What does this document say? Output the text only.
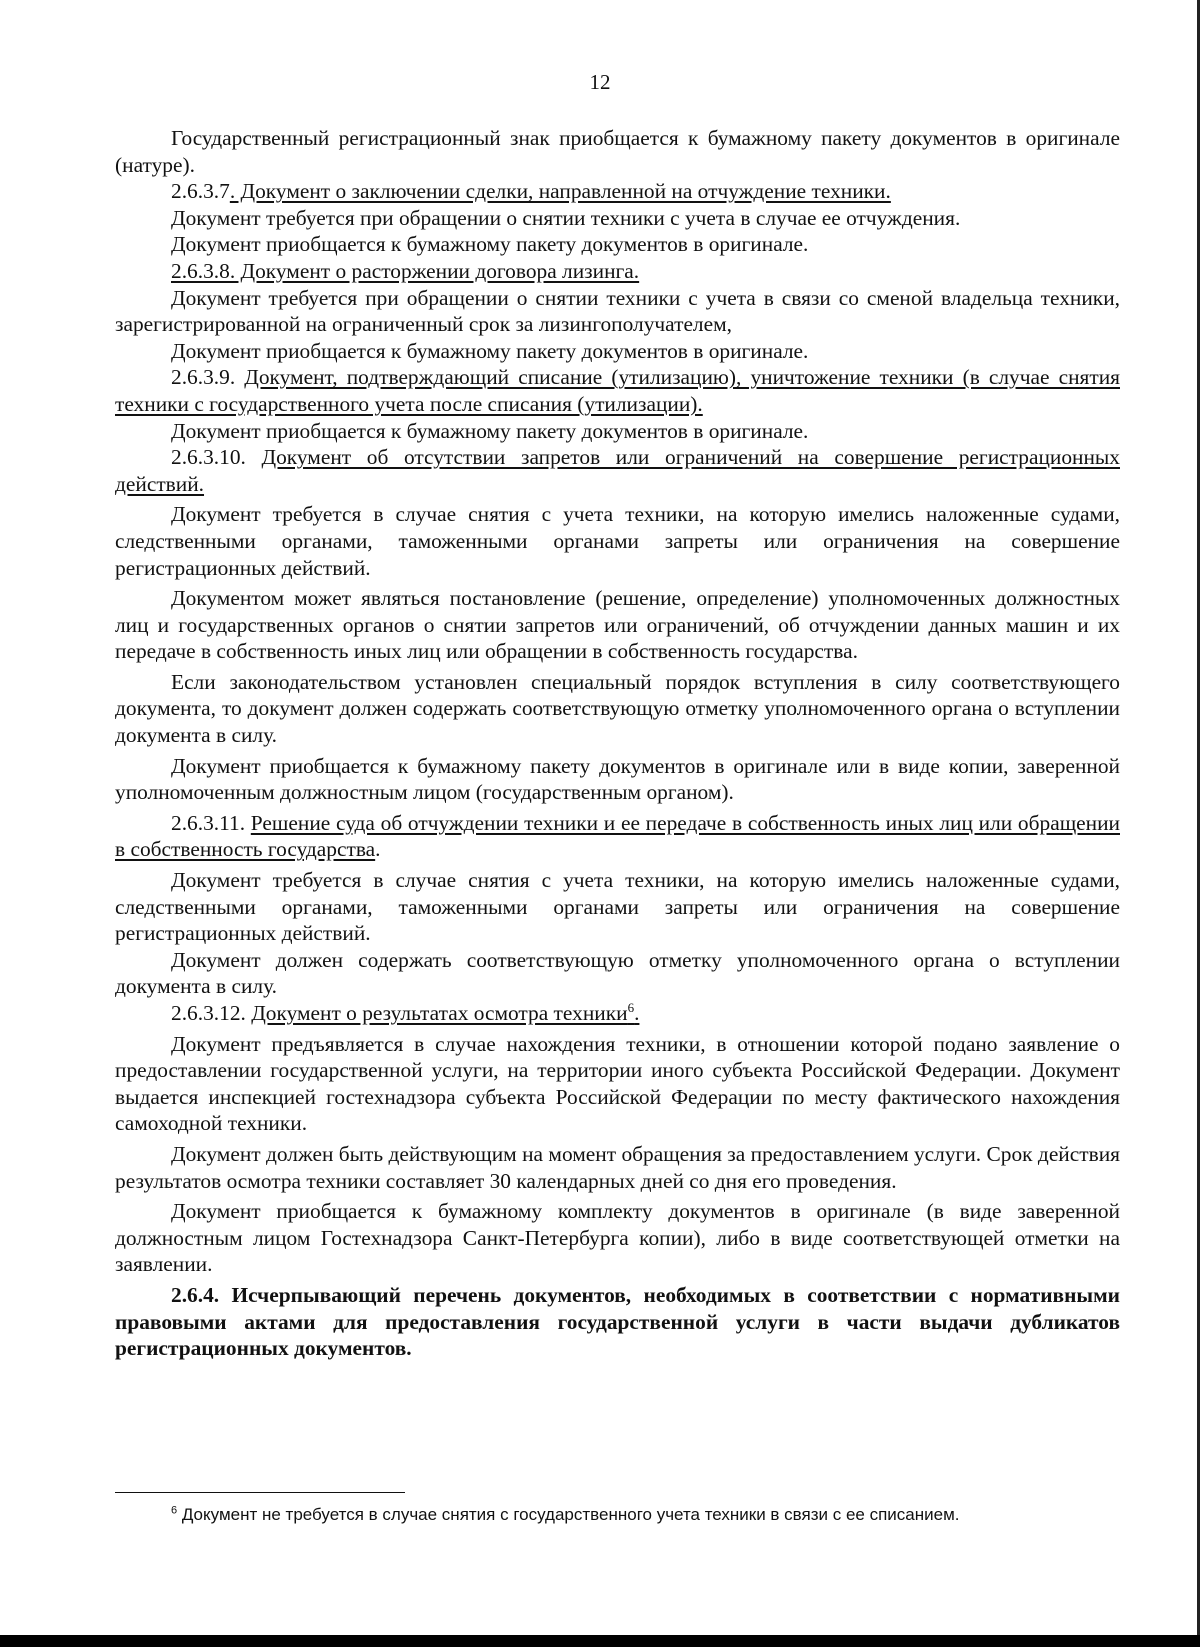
12

Государственный регистрационный знак приобщается к бумажному пакету документов в оригинале (натуре).

2.6.3.7. Документ о заключении сделки, направленной на отчуждение техники.

Документ требуется при обращении о снятии техники с учета в случае ее отчуждения.

Документ приобщается к бумажному пакету документов в оригинале.

2.6.3.8. Документ о расторжении договора лизинга.

Документ требуется при обращении о снятии техники с учета в связи со сменой владельца техники, зарегистрированной на ограниченный срок за лизингополучателем,

Документ приобщается к бумажному пакету документов в оригинале.

2.6.3.9. Документ, подтверждающий списание (утилизацию), уничтожение техники (в случае снятия техники с государственного учета после списания (утилизации).

Документ приобщается к бумажному пакету документов в оригинале.

2.6.3.10. Документ об отсутствии запретов или ограничений на совершение регистрационных действий.

Документ требуется в случае снятия с учета техники, на которую имелись наложенные судами, следственными органами, таможенными органами запреты или ограничения на совершение регистрационных действий.

Документом может являться постановление (решение, определение) уполномоченных должностных лиц и государственных органов о снятии запретов или ограничений, об отчуждении данных машин и их передаче в собственность иных лиц или обращении в собственность государства.

Если законодательством установлен специальный порядок вступления в силу соответствующего документа, то документ должен содержать соответствующую отметку уполномоченного органа о вступлении документа в силу.

Документ приобщается к бумажному пакету документов в оригинале или в виде копии, заверенной уполномоченным должностным лицом (государственным органом).

2.6.3.11. Решение суда об отчуждении техники и ее передаче в собственность иных лиц или обращении в собственность государства.

Документ требуется в случае снятия с учета техники, на которую имелись наложенные судами, следственными органами, таможенными органами запреты или ограничения на совершение регистрационных действий.

Документ должен содержать соответствующую отметку уполномоченного органа о вступлении документа в силу.

2.6.3.12. Документ о результатах осмотра техники$^6$.

Документ предъявляется в случае нахождения техники, в отношении которой подано заявление о предоставлении государственной услуги, на территории иного субъекта Российской Федерации. Документ выдается инспекцией гостехнадзора субъекта Российской Федерации по месту фактического нахождения самоходной техники.

Документ должен быть действующим на момент обращения за предоставлением услуги. Срок действия результатов осмотра техники составляет 30 календарных дней со дня его проведения.

Документ приобщается к бумажному комплекту документов в оригинале (в виде заверенной должностным лицом Гостехнадзора Санкт-Петербурга копии), либо в виде соответствующей отметки на заявлении.

2.6.4. Исчерпывающий перечень документов, необходимых в соответствии с нормативными правовыми актами для предоставления государственной услуги в части выдачи дубликатов регистрационных документов.

$^6$ Документ не требуется в случае снятия с государственного учета техники в связи с ее списанием.
